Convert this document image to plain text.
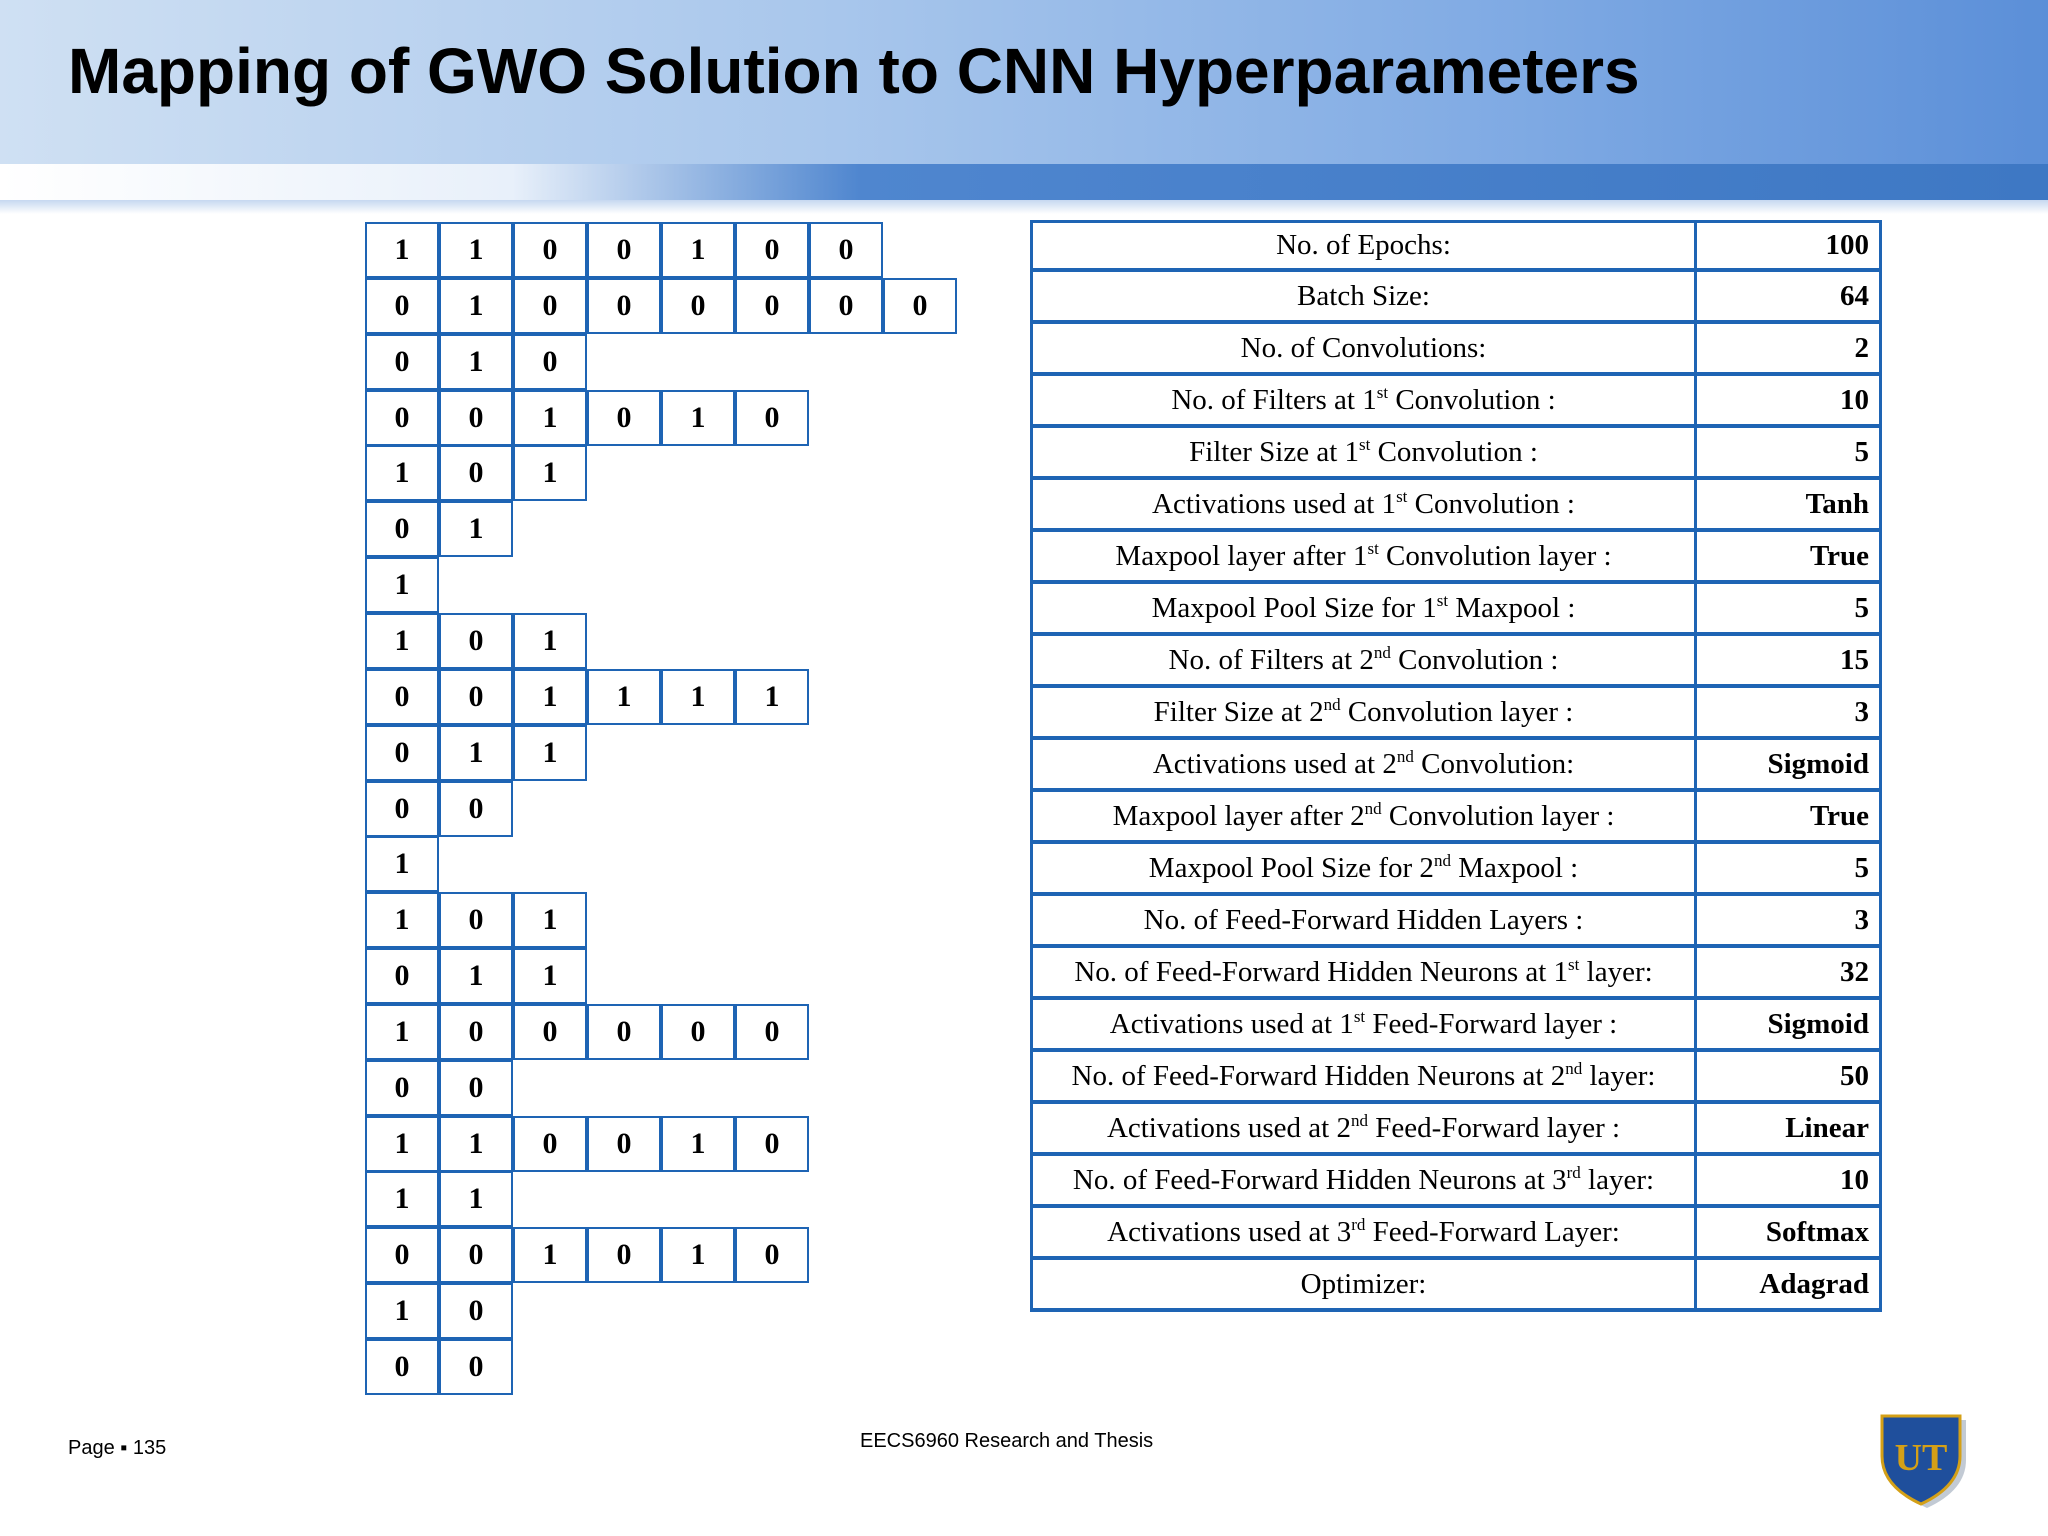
Mapping of GWO Solution to CNN Hyperparameters
1	1	0	0	1	0	0
0	1	0	0	0	0	0	0
0	1	0
0	0	1	0	1	0
1	0	1
0	1
1
1	0	1
0	0	1	1	1	1
0	1	1
0	0
1
1	0	1
0	1	1
1	0	0	0	0	0
0	0
1	1	0	0	1	0
1	1
0	0	1	0	1	0
1	0
0	0
No. of Epochs:	100
Batch Size:	64
No. of Convolutions:	2
No. of Filters at 1st Convolution :	10
Filter Size at 1st Convolution :	5
Activations used at 1st Convolution :	Tanh
Maxpool layer after 1st Convolution layer :	True
Maxpool Pool Size for 1st Maxpool :	5
No. of Filters at 2nd Convolution :	15
Filter Size at 2nd Convolution layer :	3
Activations used at 2nd Convolution:	Sigmoid
Maxpool layer after 2nd Convolution layer :	True
Maxpool Pool Size for 2nd Maxpool :	5
No. of Feed-Forward Hidden Layers :	3
No. of Feed-Forward Hidden Neurons at 1st layer:	32
Activations used at 1st Feed-Forward layer :	Sigmoid
No. of Feed-Forward Hidden Neurons at 2nd layer:	50
Activations used at 2nd Feed-Forward layer :	Linear
No. of Feed-Forward Hidden Neurons at 3rd layer:	10
Activations used at 3rd Feed-Forward Layer:	Softmax
Optimizer:	Adagrad
Page ▪ 135	EECS6960 Research and Thesis	UT
